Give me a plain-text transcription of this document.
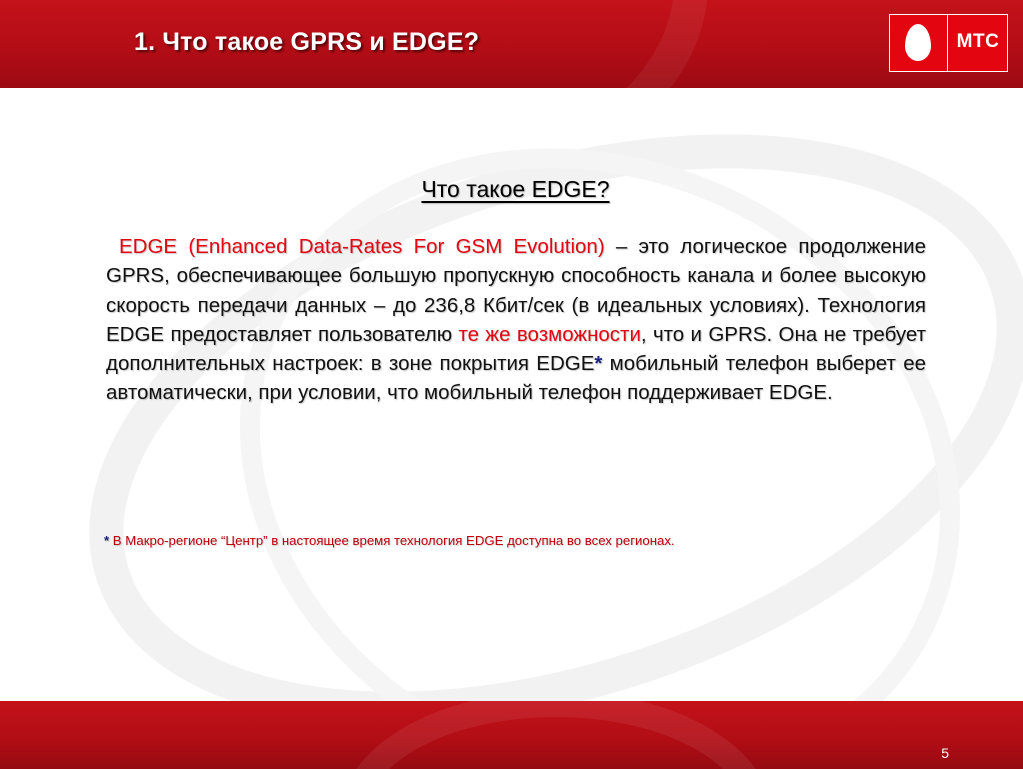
1. Что такое GPRS и EDGE?	МТС
Что такое EDGE?
EDGE (Enhanced Data-Rates For GSM Evolution) – это логическое продолжение GPRS, обеспечивающее большую пропускную способность канала и более высокую скорость передачи данных – до 236,8 Кбит/сек (в идеальных условиях). Технология EDGE предоставляет пользователю те же возможности, что и GPRS. Она не требует дополнительных настроек: в зоне покрытия EDGE* мобильный телефон выберет ее автоматически, при условии, что мобильный телефон поддерживает EDGE.
* В Макро-регионе “Центр” в настоящее время технология EDGE доступна во всех регионах.
5
